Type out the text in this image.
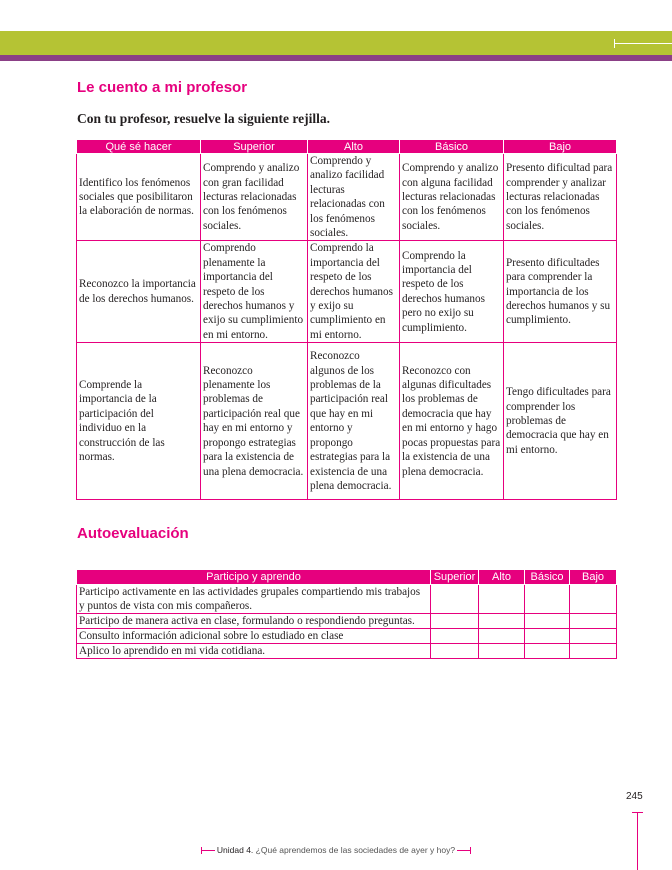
Le cuento a mi profesor

Con tu profesor, resuelve la siguiente rejilla.

Qué sé hacer	Superior	Alto	Básico	Bajo
Identifico los fenómenos sociales que posibilitaron la elaboración de normas.	Comprendo y analizo con gran facilidad lecturas relacionadas con los fenómenos sociales.	Comprendo y analizo facilidad lecturas relacionadas con los fenómenos sociales.	Comprendo y analizo con alguna facilidad lecturas relacionadas con los fenómenos sociales.	Presento dificultad para comprender y analizar lecturas relacionadas con los fenómenos sociales.
Reconozco la importancia de los derechos humanos.	Comprendo plenamente la importancia del respeto de los derechos humanos y exijo su cumplimiento en mi entorno.	Comprendo la importancia del respeto de los derechos humanos y exijo su cumplimiento en mi entorno.	Comprendo la importancia del respeto de los derechos humanos pero no exijo su cumplimiento.	Presento dificultades para comprender la importancia de los derechos humanos y su cumplimiento.
Comprende la importancia de la participación del individuo en la construcción de las normas.	Reconozco plenamente los problemas de participación real que hay en mi entorno y propongo estrategias para la existencia de una plena democracia.	Reconozco algunos de los problemas de la participación real que hay en mi entorno y propongo estrategias para la existencia de una plena democracia.	Reconozco con algunas dificultades los problemas de democracia que hay en mi entorno y hago pocas propuestas para la existencia de una plena democracia.	Tengo dificultades para comprender los problemas de democracia que hay en mi entorno.
Autoevaluación
Participo y aprendo	Superior	Alto	Básico	Bajo
Participo activamente en las actividades grupales compartiendo mis trabajos y puntos de vista con mis compañeros.				
Participo de manera activa en clase, formulando o respondiendo preguntas.				
Consulto información adicional sobre lo estudiado en clase				
Aplico lo aprendido en mi vida cotidiana.				
245
Unidad 4. ¿Qué aprendemos de las sociedades de ayer y hoy?
